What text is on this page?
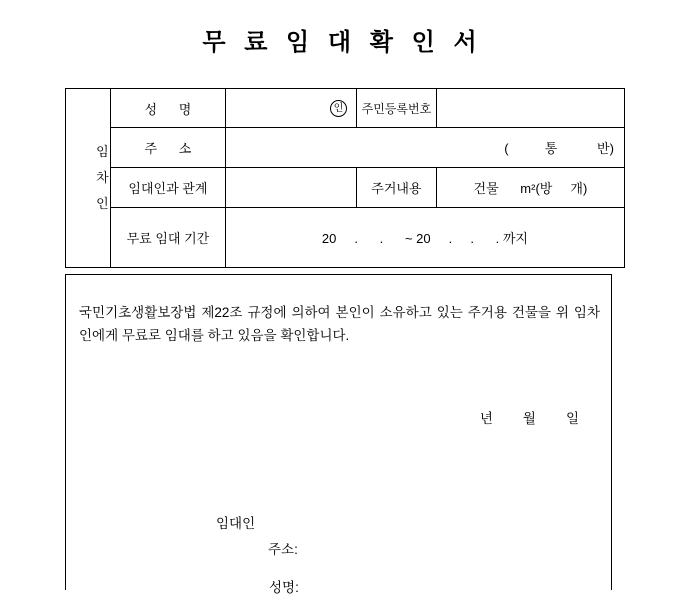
무 료 임 대 확 인 서

임차인	성      명	인	주민등록번호	
	주      소	(          통           반)		
	임대인과 관계		주거내용	건물      m²(방     개)
	무료 임대 기간	20     .      .      ~ 20     .     .      . 까지		
국민기초생활보장법 제22조 규정에 의하여 본인이 소유하고 있는 주거용 건물을 위 임차인에게 무료로 임대를 하고 있음을 확인합니다.
년        월        일
임대인
주소:
성명:
